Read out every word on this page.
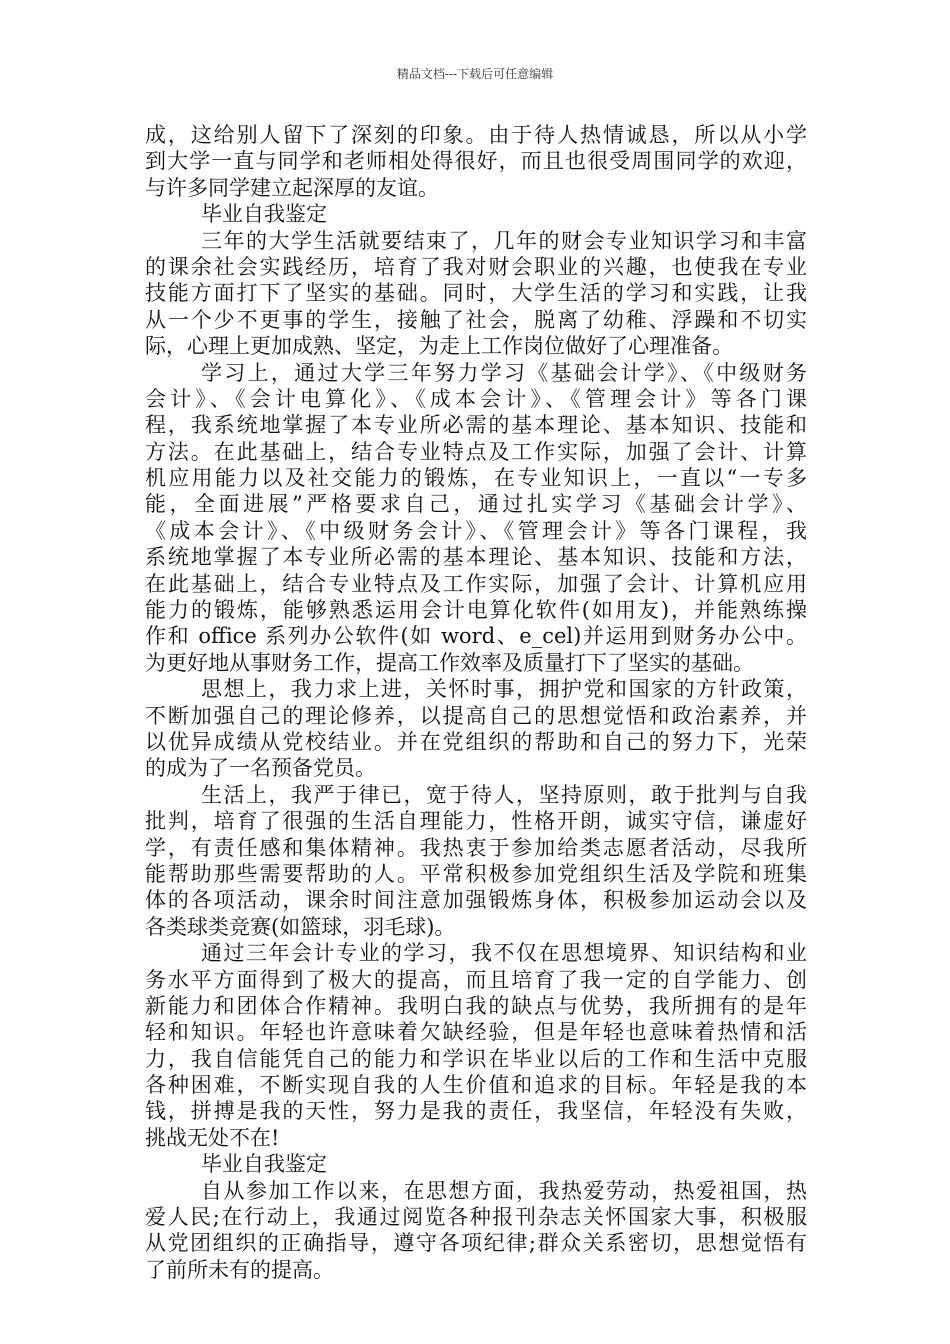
精品文档---下载后可任意编辑
成，这给别人留下了深刻的印象。由于待人热情诚恳，所以从小学
到大学一直与同学和老师相处得很好，而且也很受周围同学的欢迎，
与许多同学建立起深厚的友谊。
毕业自我鉴定
三年的大学生活就要结束了，几年的财会专业知识学习和丰富
的课余社会实践经历，培育了我对财会职业的兴趣，也使我在专业
技能方面打下了坚实的基础。同时，大学生活的学习和实践，让我
从一个少不更事的学生，接触了社会，脱离了幼稚、浮躁和不切实
际，心理上更加成熟、坚定，为走上工作岗位做好了心理准备。
学习上，通过大学三年努力学习《基础会计学》、《中级财务
会计》、《会计电算化》、《成本会计》、《管理会计》等各门课
程，我系统地掌握了本专业所必需的基本理论、基本知识、技能和
方法。在此基础上，结合专业特点及工作实际，加强了会计、计算
机应用能力以及社交能力的锻炼，在专业知识上，一直以“一专多
能，全面进展”严格要求自己，通过扎实学习《基础会计学》、
《成本会计》、《中级财务会计》、《管理会计》等各门课程，我
系统地掌握了本专业所必需的基本理论、基本知识、技能和方法，
在此基础上，结合专业特点及工作实际，加强了会计、计算机应用
能力的锻炼，能够熟悉运用会计电算化软件(如用友)，并能熟练操
作和 office 系列办公软件(如 word、e_cel)并运用到财务办公中。
为更好地从事财务工作，提高工作效率及质量打下了坚实的基础。
思想上，我力求上进，关怀时事，拥护党和国家的方针政策，
不断加强自己的理论修养，以提高自己的思想觉悟和政治素养，并
以优异成绩从党校结业。并在党组织的帮助和自己的努力下，光荣
的成为了一名预备党员。
生活上，我严于律已，宽于待人，坚持原则，敢于批判与自我
批判，培育了很强的生活自理能力，性格开朗，诚实守信，谦虚好
学，有责任感和集体精神。我热衷于参加给类志愿者活动，尽我所
能帮助那些需要帮助的人。平常积极参加党组织生活及学院和班集
体的各项活动，课余时间注意加强锻炼身体，积极参加运动会以及
各类球类竞赛(如篮球，羽毛球)。
通过三年会计专业的学习，我不仅在思想境界、知识结构和业
务水平方面得到了极大的提高，而且培育了我一定的自学能力、创
新能力和团体合作精神。我明白我的缺点与优势，我所拥有的是年
轻和知识。年轻也许意味着欠缺经验，但是年轻也意味着热情和活
力，我自信能凭自己的能力和学识在毕业以后的工作和生活中克服
各种困难，不断实现自我的人生价值和追求的目标。年轻是我的本
钱，拼搏是我的天性，努力是我的责任，我坚信，年轻没有失败，
挑战无处不在!
毕业自我鉴定
自从参加工作以来，在思想方面，我热爱劳动，热爱祖国，热
爱人民;在行动上，我通过阅览各种报刊杂志关怀国家大事，积极服
从党团组织的正确指导，遵守各项纪律;群众关系密切，思想觉悟有
了前所未有的提高。
